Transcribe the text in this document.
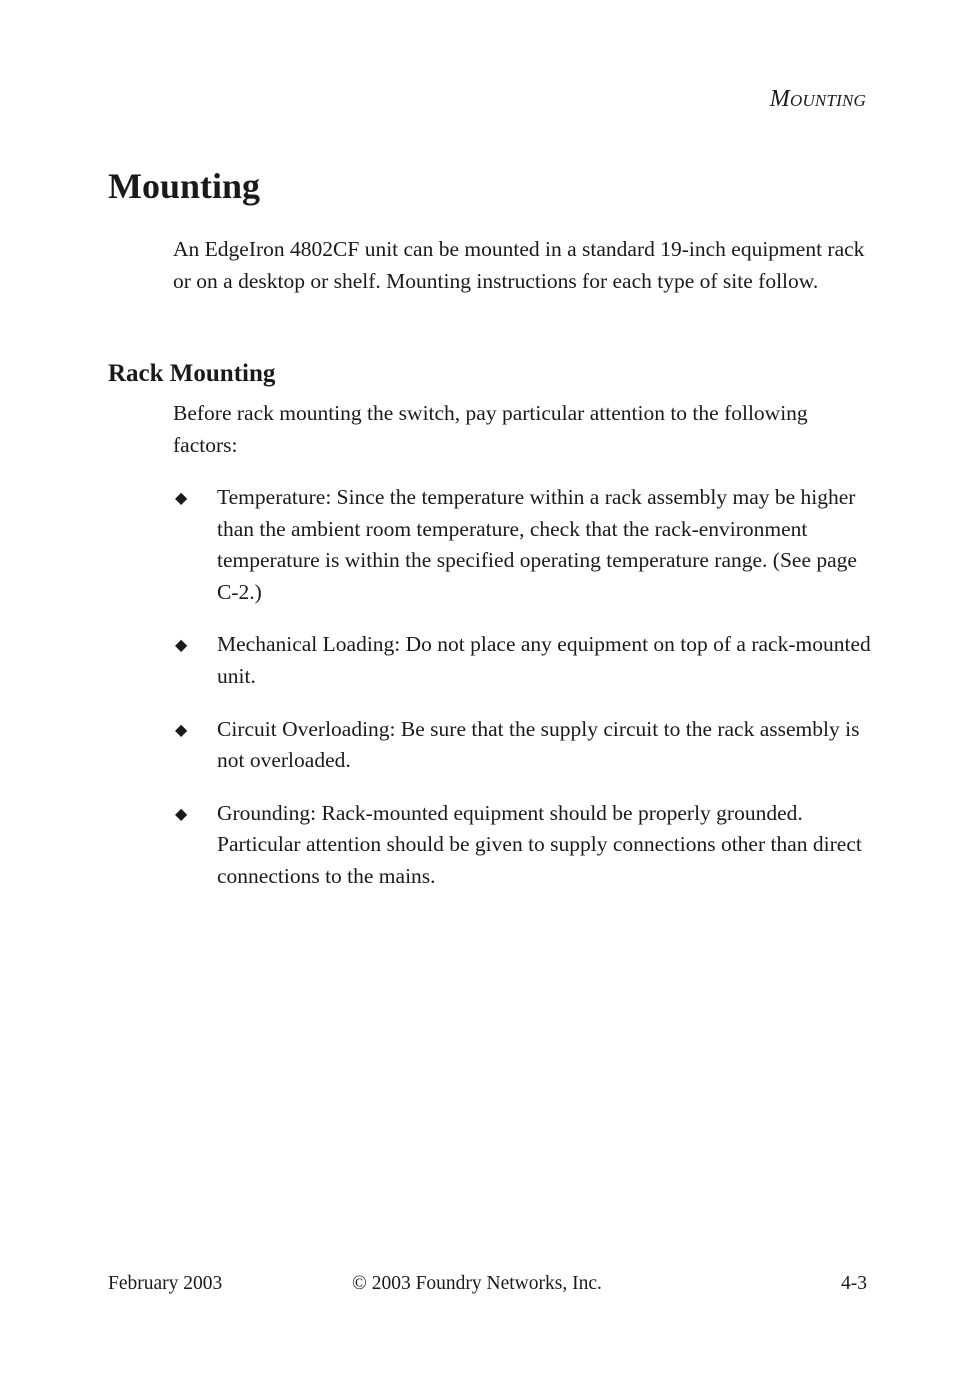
Mounting
Mounting

An EdgeIron 4802CF unit can be mounted in a standard 19-inch equipment rack or on a desktop or shelf. Mounting instructions for each type of site follow.

Rack Mounting

Before rack mounting the switch, pay particular attention to the following factors:

◆ Temperature: Since the temperature within a rack assembly may be higher than the ambient room temperature, check that the rack-environment temperature is within the specified operating temperature range. (See page C-2.)
◆ Mechanical Loading: Do not place any equipment on top of a rack-mounted unit.
◆ Circuit Overloading: Be sure that the supply circuit to the rack assembly is not overloaded.
◆ Grounding: Rack-mounted equipment should be properly grounded. Particular attention should be given to supply connections other than direct connections to the mains.
February 2003	© 2003 Foundry Networks, Inc.	4-3
